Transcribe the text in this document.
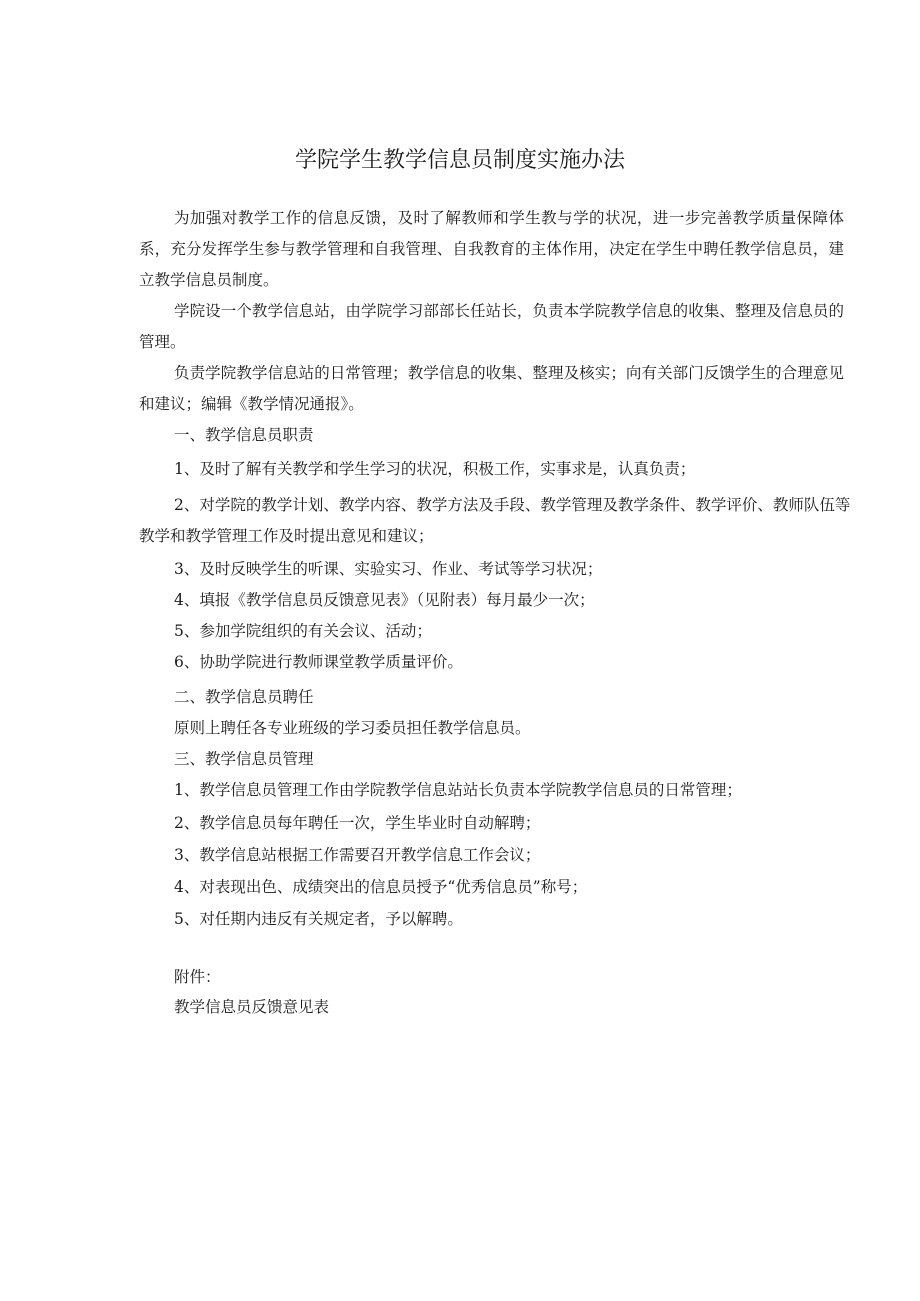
学院学生教学信息员制度实施办法

为加强对教学工作的信息反馈，及时了解教师和学生教与学的状况，进一步完善教学质量保障体系，充分发挥学生参与教学管理和自我管理、自我教育的主体作用，决定在学生中聘任教学信息员，建立教学信息员制度。

学院设一个教学信息站，由学院学习部部长任站长，负责本学院教学信息的收集、整理及信息员的管理。

负责学院教学信息站的日常管理；教学信息的收集、整理及核实；向有关部门反馈学生的合理意见和建议；编辑《教学情况通报》。

一、教学信息员职责
1、及时了解有关教学和学生学习的状况，积极工作，实事求是，认真负责；

2、对学院的教学计划、教学内容、教学方法及手段、教学管理及教学条件、教学评价、教师队伍等教学和教学管理工作及时提出意见和建议；

3、及时反映学生的听课、实验实习、作业、考试等学习状况；
4、填报《教学信息员反馈意见表》（见附表）每月最少一次；
5、参加学院组织的有关会议、活动；
6、协助学院进行教师课堂教学质量评价。
二、教学信息员聘任
原则上聘任各专业班级的学习委员担任教学信息员。
三、教学信息员管理
1、教学信息员管理工作由学院教学信息站站长负责本学院教学信息员的日常管理；
2、教学信息员每年聘任一次，学生毕业时自动解聘；
3、教学信息站根据工作需要召开教学信息工作会议；
4、对表现出色、成绩突出的信息员授予“优秀信息员”称号；
5、对任期内违反有关规定者，予以解聘。
附件：
教学信息员反馈意见表
